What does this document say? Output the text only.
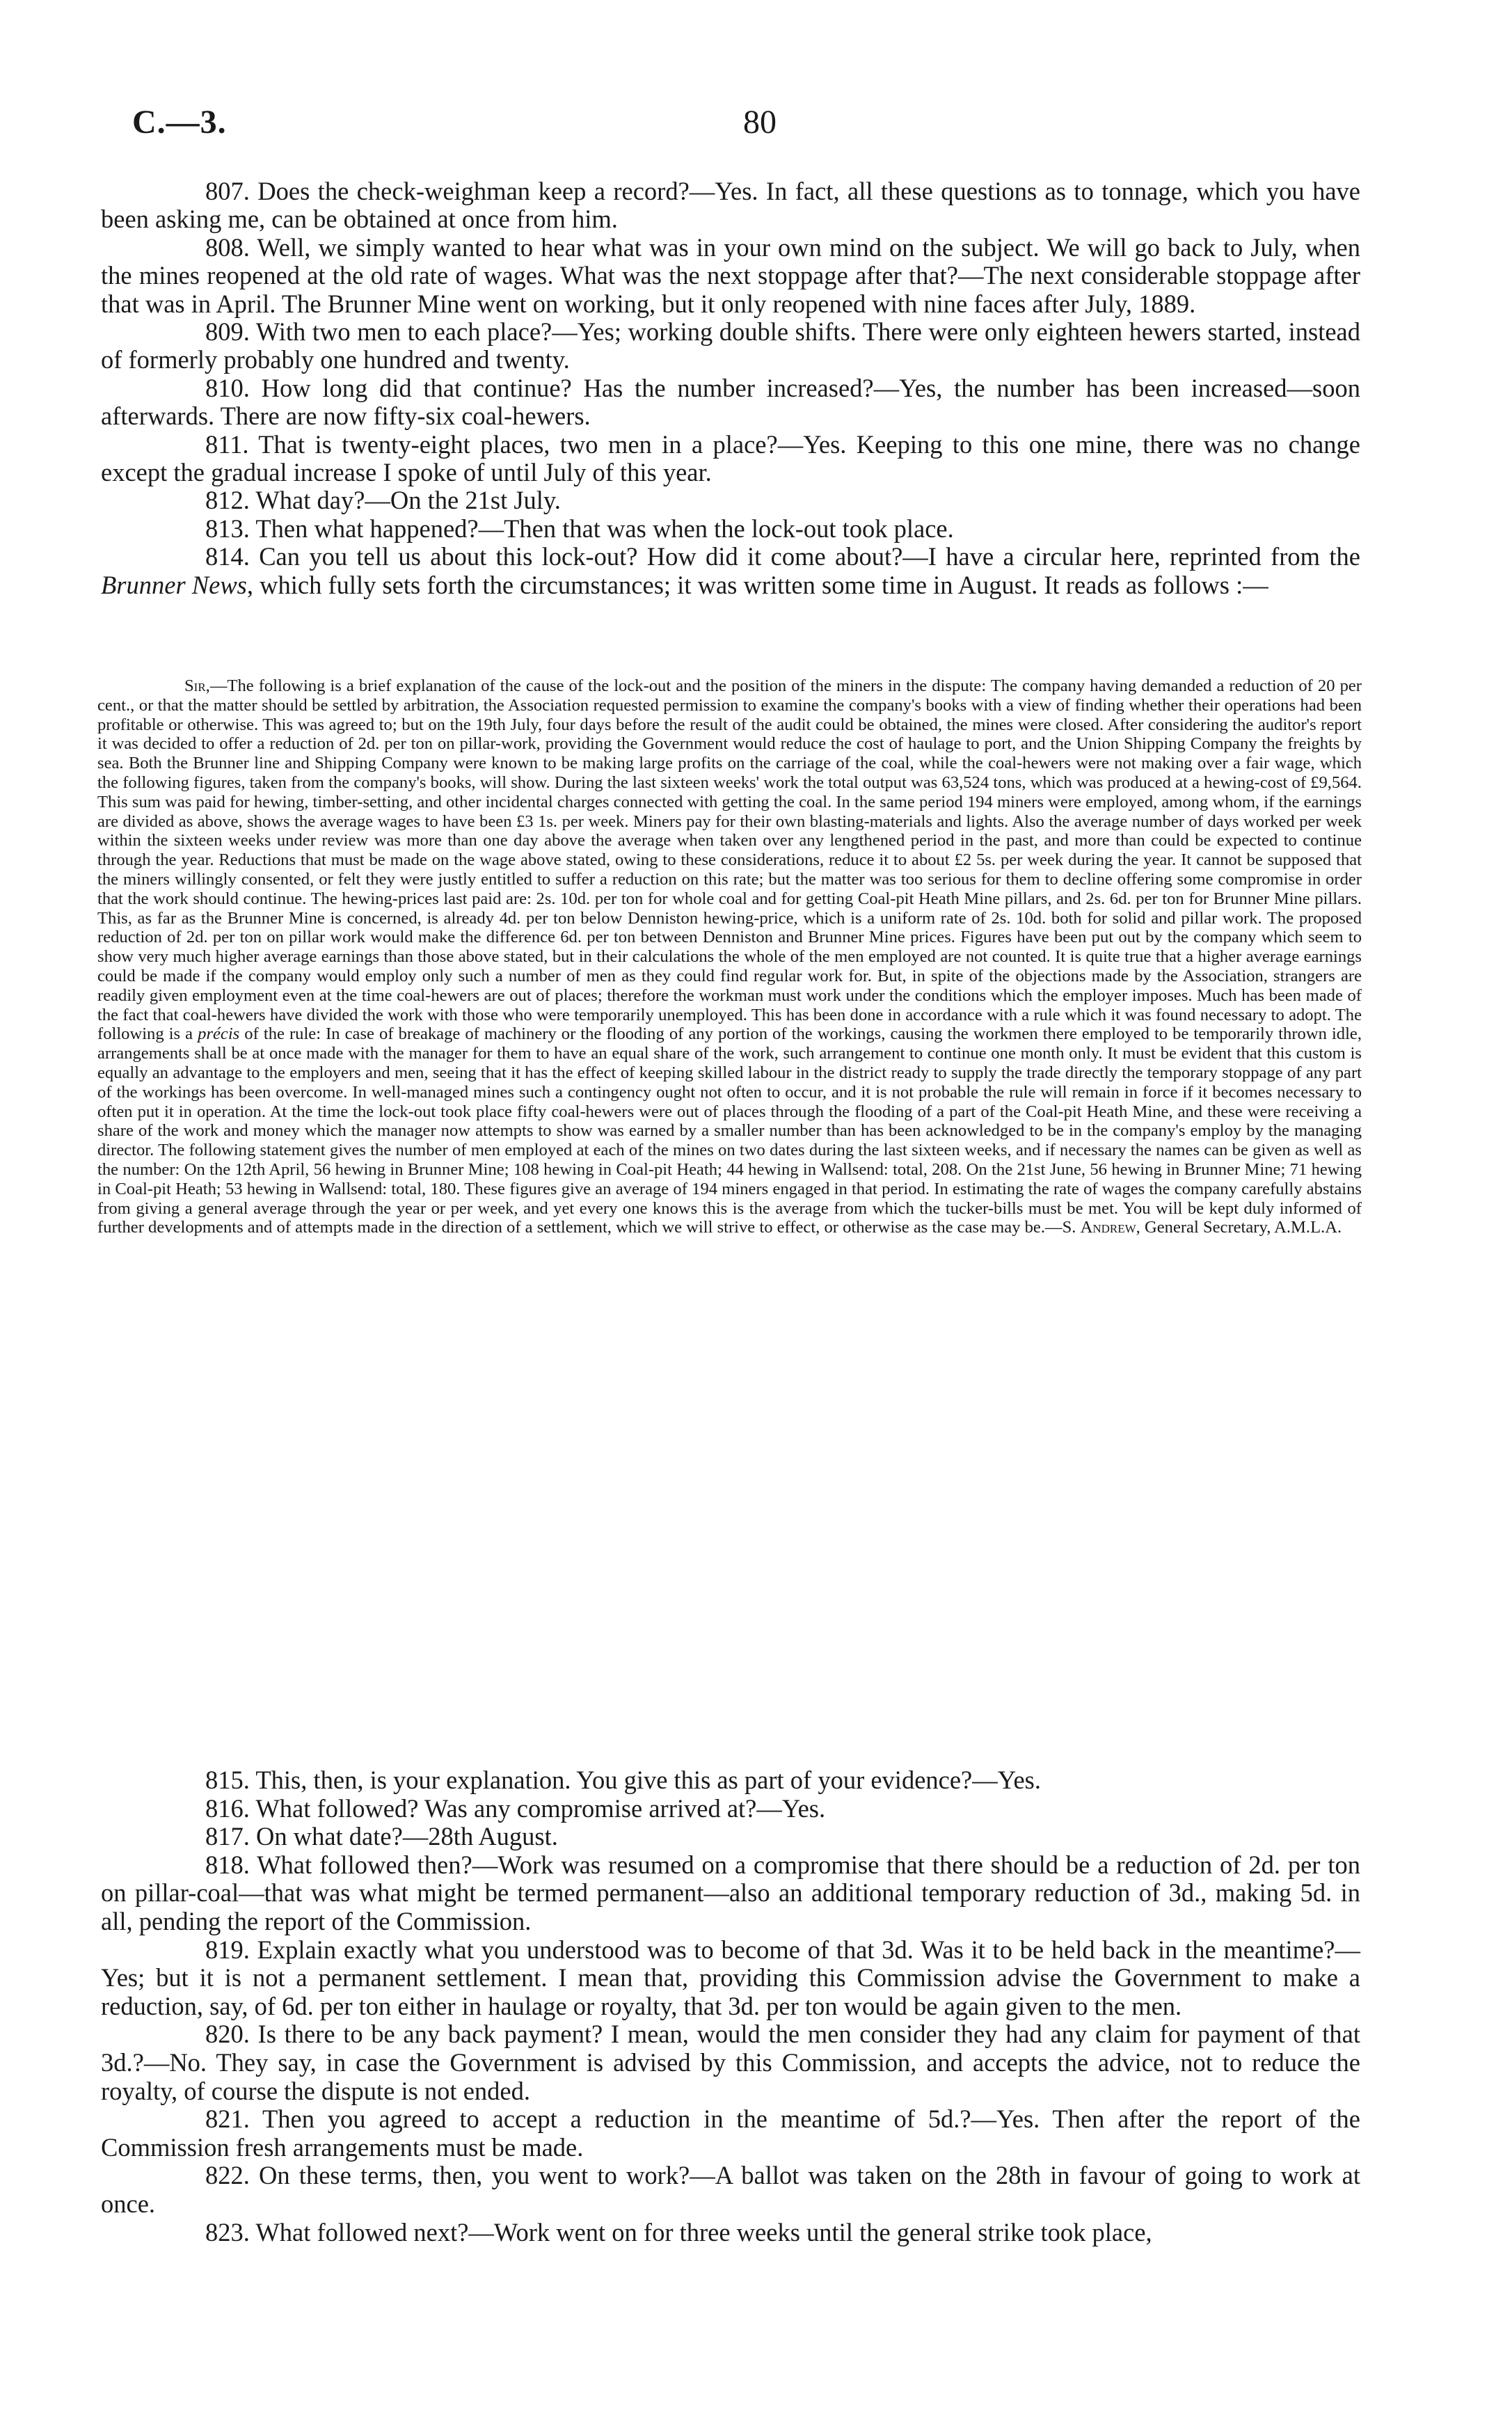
C.—3.	80

807. Does the check-weighman keep a record?—Yes. In fact, all these questions as to tonnage, which you have been asking me, can be obtained at once from him.

808. Well, we simply wanted to hear what was in your own mind on the subject. We will go back to July, when the mines reopened at the old rate of wages. What was the next stoppage after that?—The next considerable stoppage after that was in April. The Brunner Mine went on working, but it only reopened with nine faces after July, 1889.

809. With two men to each place?—Yes; working double shifts. There were only eighteen hewers started, instead of formerly probably one hundred and twenty.

810. How long did that continue? Has the number increased?—Yes, the number has been increased—soon afterwards. There are now fifty-six coal-hewers.

811. That is twenty-eight places, two men in a place?—Yes. Keeping to this one mine, there was no change except the gradual increase I spoke of until July of this year.

812. What day?—On the 21st July.

813. Then what happened?—Then that was when the lock-out took place.

814. Can you tell us about this lock-out? How did it come about?—I have a circular here, reprinted from the Brunner News, which fully sets forth the circumstances; it was written some time in August. It reads as follows :—

Sir,—The following is a brief explanation of the cause of the lock-out and the position of the miners in the dispute: The company having demanded a reduction of 20 per cent., or that the matter should be settled by arbitration, the Association requested permission to examine the company's books with a view of finding whether their operations had been profitable or otherwise. This was agreed to; but on the 19th July, four days before the result of the audit could be obtained, the mines were closed. After considering the auditor's report it was decided to offer a reduction of 2d. per ton on pillar-work, providing the Government would reduce the cost of haulage to port, and the Union Shipping Company the freights by sea. Both the Brunner line and Shipping Company were known to be making large profits on the carriage of the coal, while the coal-hewers were not making over a fair wage, which the following figures, taken from the company's books, will show. During the last sixteen weeks' work the total output was 63,524 tons, which was produced at a hewing-cost of £9,564. This sum was paid for hewing, timber-setting, and other incidental charges connected with getting the coal. In the same period 194 miners were employed, among whom, if the earnings are divided as above, shows the average wages to have been £3 1s. per week. Miners pay for their own blasting-materials and lights. Also the average number of days worked per week within the sixteen weeks under review was more than one day above the average when taken over any lengthened period in the past, and more than could be expected to continue through the year. Reductions that must be made on the wage above stated, owing to these considerations, reduce it to about £2 5s. per week during the year. It cannot be supposed that the miners willingly consented, or felt they were justly entitled to suffer a reduction on this rate; but the matter was too serious for them to decline offering some compromise in order that the work should continue. The hewing-prices last paid are: 2s. 10d. per ton for whole coal and for getting Coal-pit Heath Mine pillars, and 2s. 6d. per ton for Brunner Mine pillars. This, as far as the Brunner Mine is concerned, is already 4d. per ton below Denniston hewing-price, which is a uniform rate of 2s. 10d. both for solid and pillar work. The proposed reduction of 2d. per ton on pillar work would make the difference 6d. per ton between Denniston and Brunner Mine prices. Figures have been put out by the company which seem to show very much higher average earnings than those above stated, but in their calculations the whole of the men employed are not counted. It is quite true that a higher average earnings could be made if the company would employ only such a number of men as they could find regular work for. But, in spite of the objections made by the Association, strangers are readily given employment even at the time coal-hewers are out of places; therefore the workman must work under the conditions which the employer imposes. Much has been made of the fact that coal-hewers have divided the work with those who were temporarily unemployed. This has been done in accordance with a rule which it was found necessary to adopt. The following is a précis of the rule: In case of breakage of machinery or the flooding of any portion of the workings, causing the workmen there employed to be temporarily thrown idle, arrangements shall be at once made with the manager for them to have an equal share of the work, such arrangement to continue one month only. It must be evident that this custom is equally an advantage to the employers and men, seeing that it has the effect of keeping skilled labour in the district ready to supply the trade directly the temporary stoppage of any part of the workings has been overcome. In well-managed mines such a contingency ought not often to occur, and it is not probable the rule will remain in force if it becomes necessary to often put it in operation. At the time the lock-out took place fifty coal-hewers were out of places through the flooding of a part of the Coal-pit Heath Mine, and these were receiving a share of the work and money which the manager now attempts to show was earned by a smaller number than has been acknowledged to be in the company's employ by the managing director. The following statement gives the number of men employed at each of the mines on two dates during the last sixteen weeks, and if necessary the names can be given as well as the number: On the 12th April, 56 hewing in Brunner Mine; 108 hewing in Coal-pit Heath; 44 hewing in Wallsend: total, 208. On the 21st June, 56 hewing in Brunner Mine; 71 hewing in Coal-pit Heath; 53 hewing in Wallsend: total, 180. These figures give an average of 194 miners engaged in that period. In estimating the rate of wages the company carefully abstains from giving a general average through the year or per week, and yet every one knows this is the average from which the tucker-bills must be met. You will be kept duly informed of further developments and of attempts made in the direction of a settlement, which we will strive to effect, or otherwise as the case may be.—S. Andrew, General Secretary, A.M.L.A.

815. This, then, is your explanation. You give this as part of your evidence?—Yes.

816. What followed? Was any compromise arrived at?—Yes.

817. On what date?—28th August.

818. What followed then?—Work was resumed on a compromise that there should be a reduction of 2d. per ton on pillar-coal—that was what might be termed permanent—also an additional temporary reduction of 3d., making 5d. in all, pending the report of the Commission.

819. Explain exactly what you understood was to become of that 3d. Was it to be held back in the meantime?—Yes; but it is not a permanent settlement. I mean that, providing this Commission advise the Government to make a reduction, say, of 6d. per ton either in haulage or royalty, that 3d. per ton would be again given to the men.

820. Is there to be any back payment? I mean, would the men consider they had any claim for payment of that 3d.?—No. They say, in case the Government is advised by this Commission, and accepts the advice, not to reduce the royalty, of course the dispute is not ended.

821. Then you agreed to accept a reduction in the meantime of 5d.?—Yes. Then after the report of the Commission fresh arrangements must be made.

822. On these terms, then, you went to work?—A ballot was taken on the 28th in favour of going to work at once.

823. What followed next?—Work went on for three weeks until the general strike took place,
